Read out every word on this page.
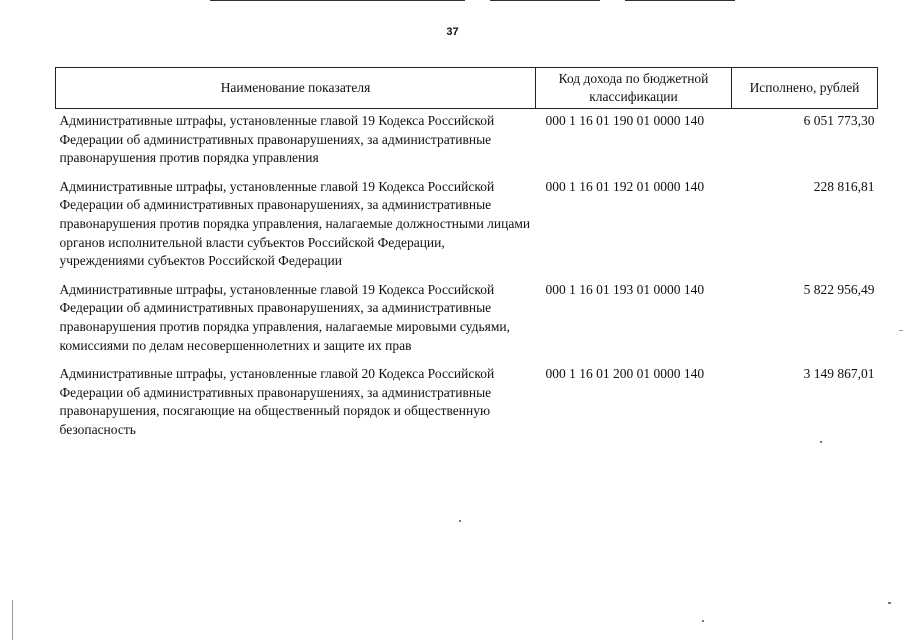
37
Наименование показателя	Код дохода по бюджетной классификации	Исполнено, рублей
Административные штрафы, установленные главой 19 Кодекса Российской Федерации об административных правонарушениях, за административные правонарушения против порядка управления	000 1 16 01 190 01 0000 140	6 051 773,30
Административные штрафы, установленные главой 19 Кодекса Российской Федерации об административных правонарушениях, за административные правонарушения против порядка управления, налагаемые должностными лицами органов исполнительной власти субъектов Российской Федерации, учреждениями субъектов Российской Федерации	000 1 16 01 192 01 0000 140	228 816,81
Административные штрафы, установленные главой 19 Кодекса Российской Федерации об административных правонарушениях, за административные правонарушения против порядка управления, налагаемые мировыми судьями, комиссиями по делам несовершеннолетних и защите их прав	000 1 16 01 193 01 0000 140	5 822 956,49
Административные штрафы, установленные главой 20 Кодекса Российской Федерации об административных правонарушениях, за административные правонарушения, посягающие на общественный порядок и общественную безопасность	000 1 16 01 200 01 0000 140	3 149 867,01
